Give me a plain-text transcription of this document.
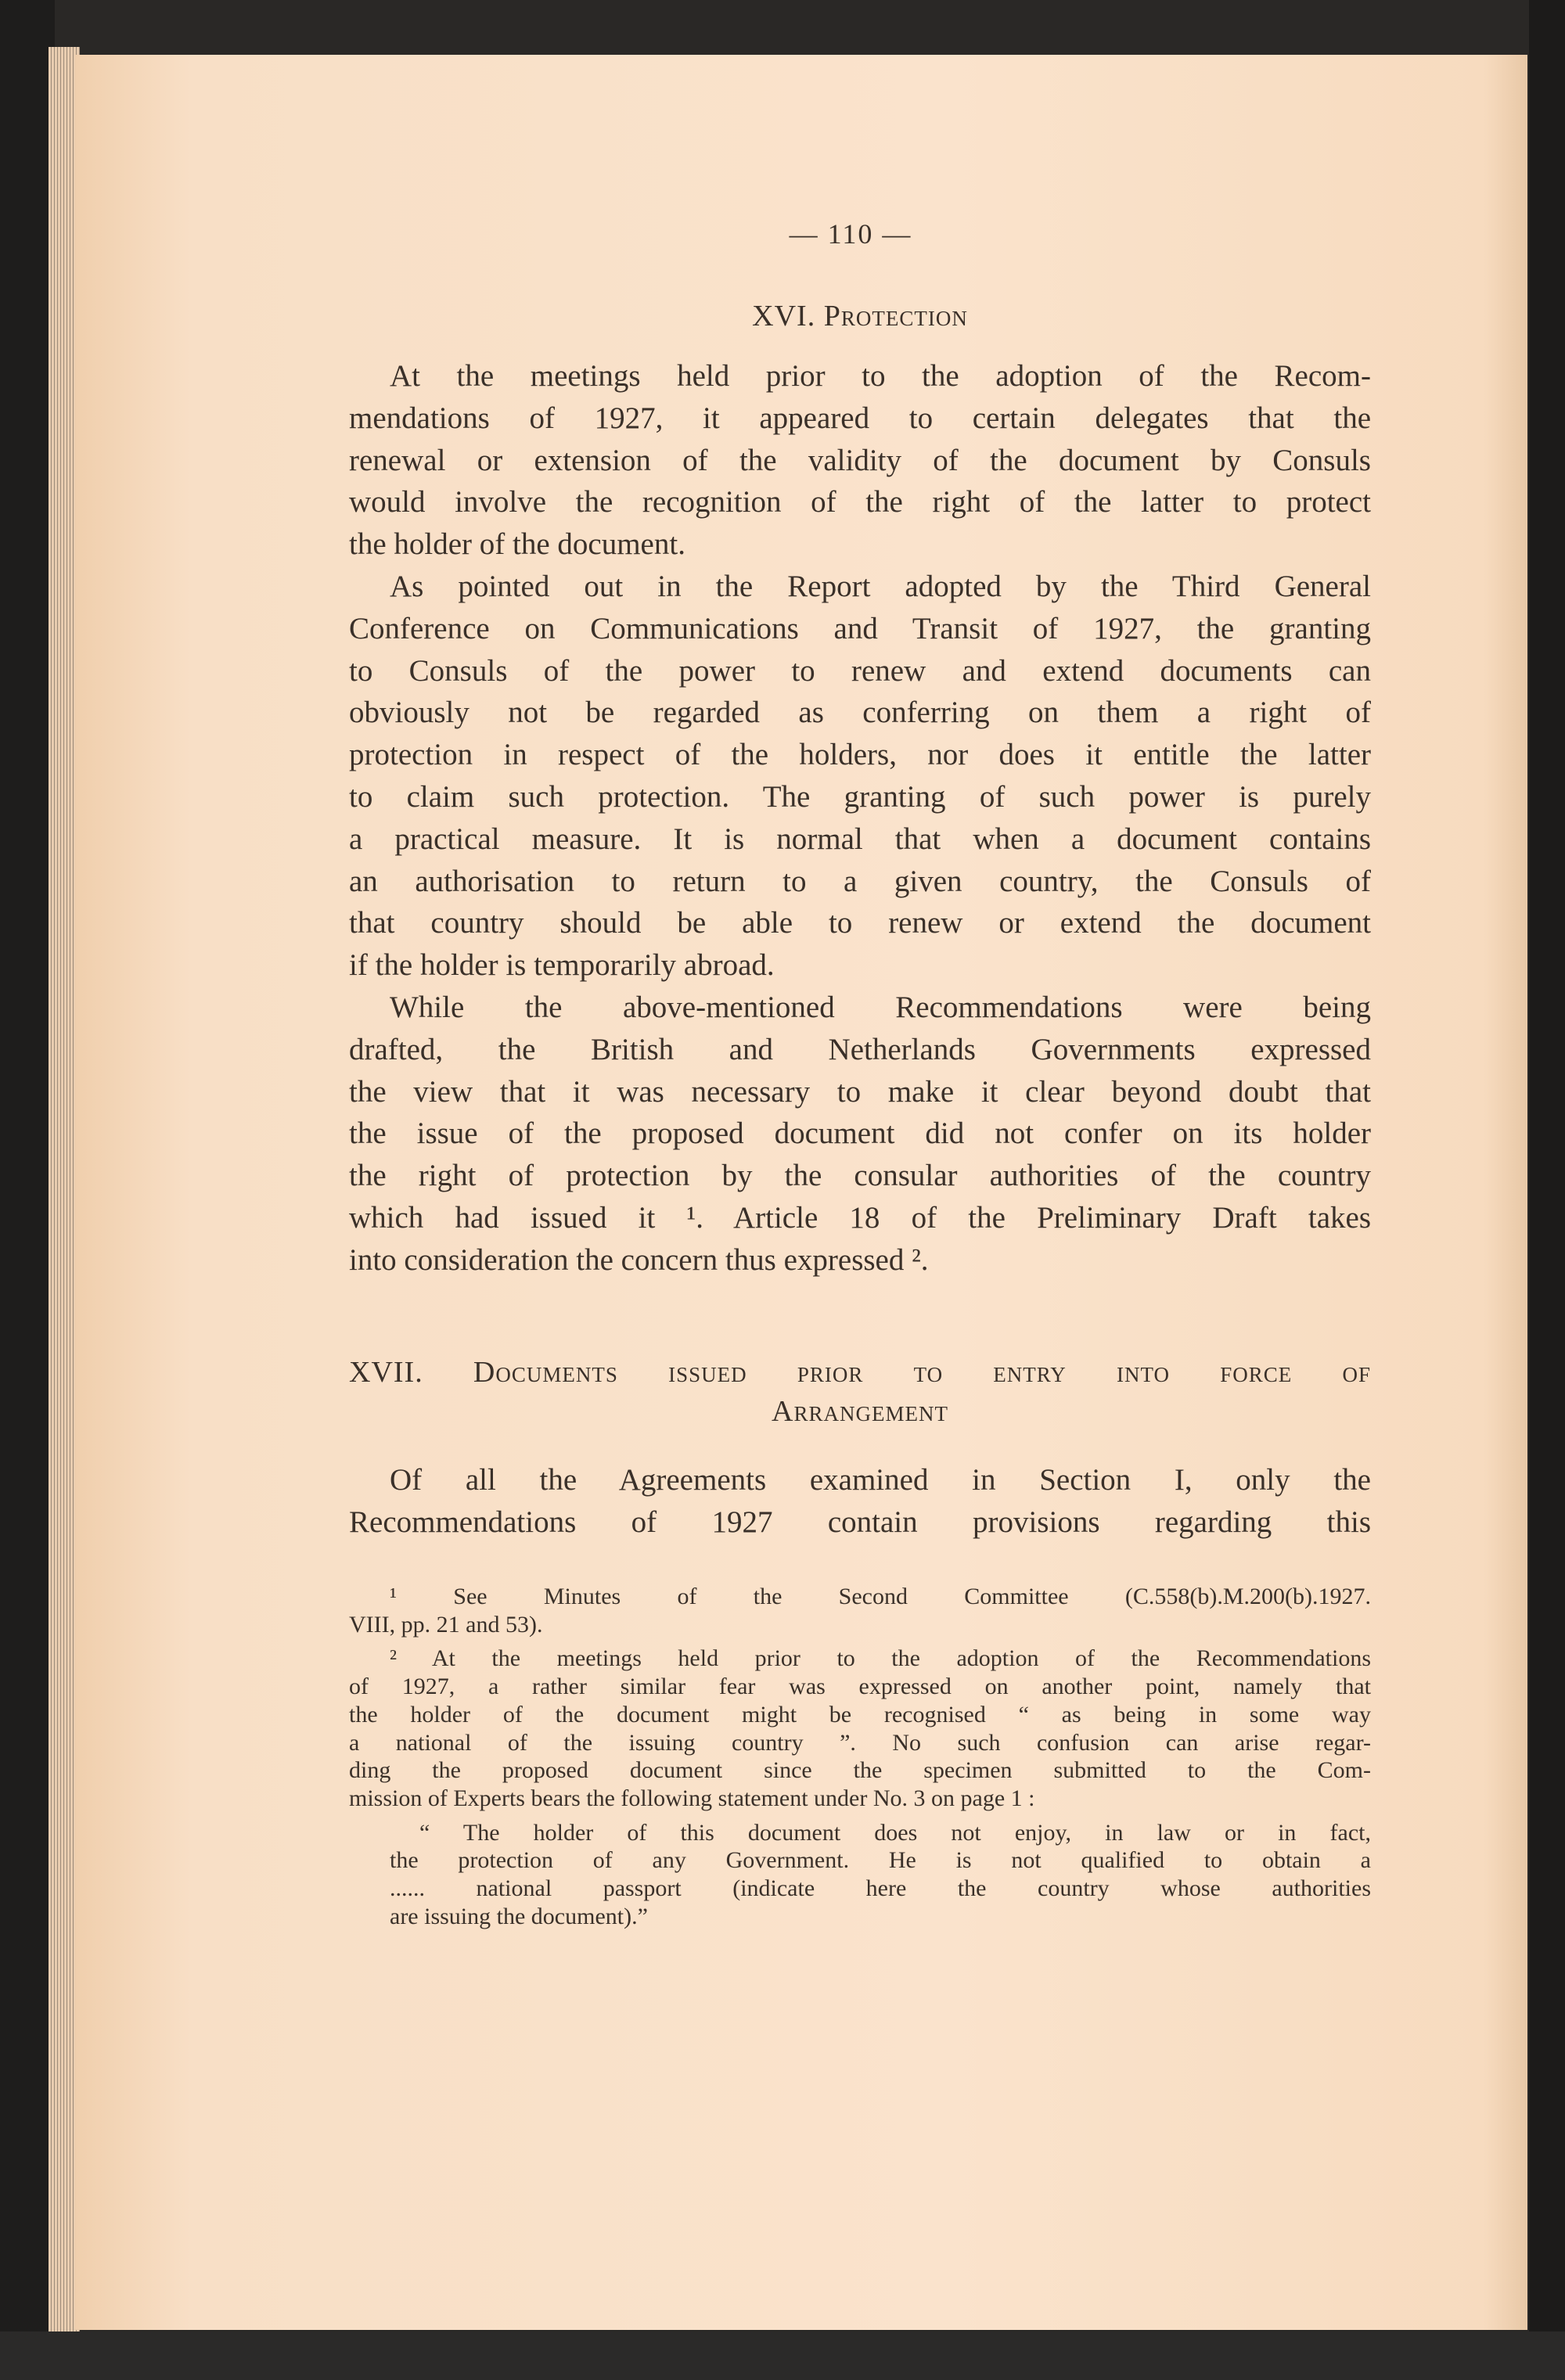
— 110 —
XVI. Protection
At the meetings held prior to the adoption of the Recom-
mendations of 1927, it appeared to certain delegates that the
renewal or extension of the validity of the document by Consuls
would involve the recognition of the right of the latter to protect
the holder of the document.
As pointed out in the Report adopted by the Third General
Conference on Communications and Transit of 1927, the granting
to Consuls of the power to renew and extend documents can
obviously not be regarded as conferring on them a right of
protection in respect of the holders, nor does it entitle the latter
to claim such protection. The granting of such power is purely
a practical measure. It is normal that when a document contains
an authorisation to return to a given country, the Consuls of
that country should be able to renew or extend the document
if the holder is temporarily abroad.
While the above-mentioned Recommendations were being
drafted, the British and Netherlands Governments expressed
the view that it was necessary to make it clear beyond doubt that
the issue of the proposed document did not confer on its holder
the right of protection by the consular authorities of the country
which had issued it ¹. Article 18 of the Preliminary Draft takes
into consideration the concern thus expressed ².
XVII. Documents issued prior to entry into force of
Arrangement
Of all the Agreements examined in Section I, only the
Recommendations of 1927 contain provisions regarding this
¹ See Minutes of the Second Committee (C.558(b).M.200(b).1927.
VIII, pp. 21 and 53).
² At the meetings held prior to the adoption of the Recommendations
of 1927, a rather similar fear was expressed on another point, namely that
the holder of the document might be recognised “ as being in some way
a national of the issuing country ”. No such confusion can arise regar-
ding the proposed document since the specimen submitted to the Com-
mission of Experts bears the following statement under No. 3 on page 1 :
“ The holder of this document does not enjoy, in law or in fact,
the protection of any Government. He is not qualified to obtain a
...... national passport (indicate here the country whose authorities
are issuing the document).”
